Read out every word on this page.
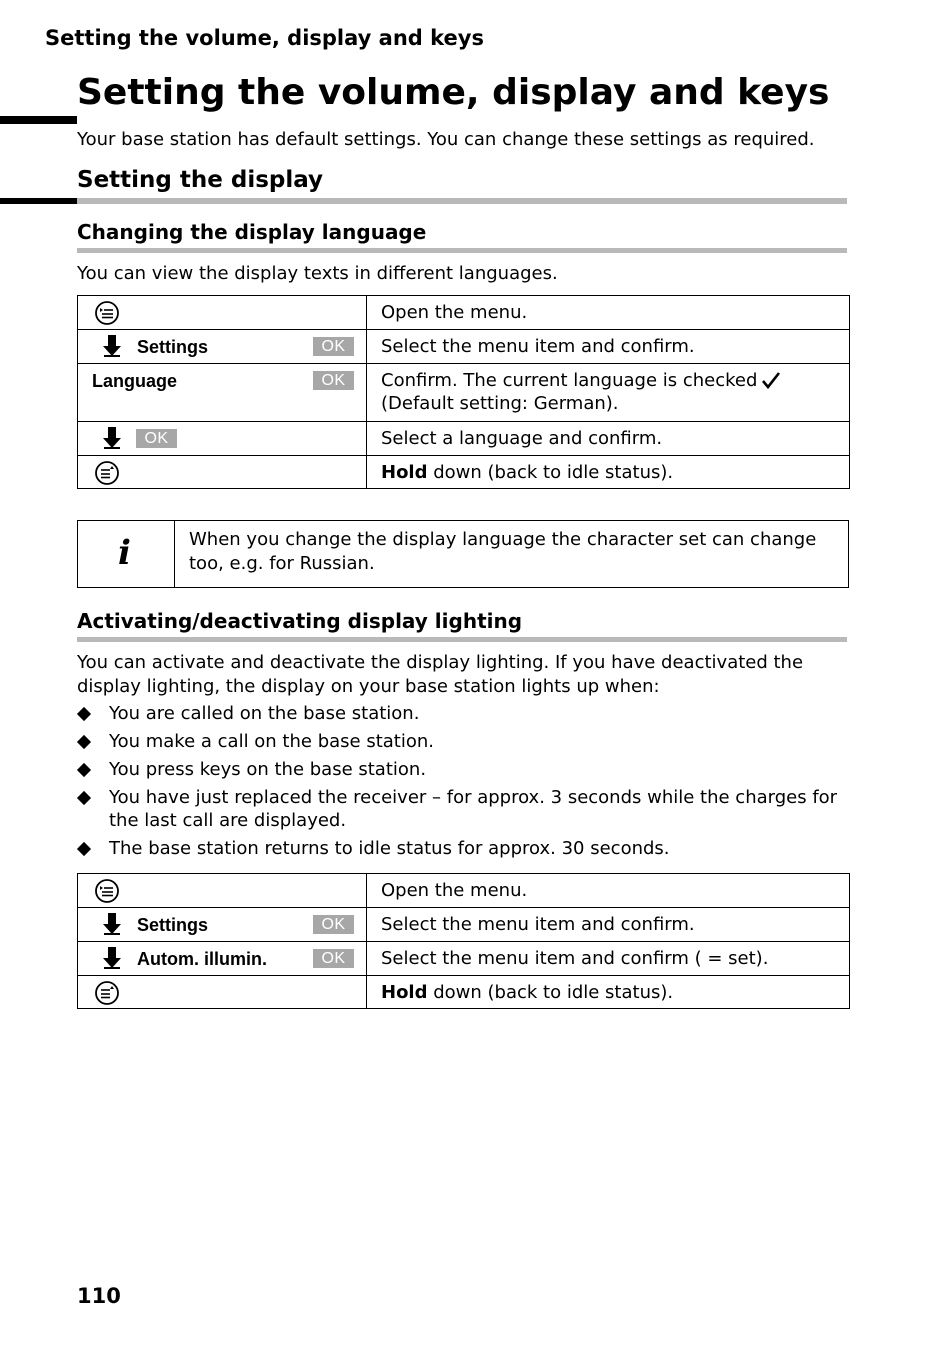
Setting the volume, display and keys
Setting the volume, display and keys
Your base station has default settings. You can change these settings as required.
Setting the display
Changing the display language
You can view the display texts in different languages.
	Open the menu.

Settings OK	Select the menu item and confirm.

Language OK	Confirm. The current language is checked
(Default setting: German).

OK	Select a language and confirm.

	Hold down (back to idle status).
i	When you change the display language the character set can change too, e.g. for Russian.
Activating/deactivating display lighting
You can activate and deactivate the display lighting. If you have deactivated the display lighting, the display on your base station lights up when:
You are called on the base station.
You make a call on the base station.
You press keys on the base station.
You have just replaced the receiver – for approx. 3 seconds while the charges for the last call are displayed.
The base station returns to idle status for approx. 30 seconds.
	Open the menu.

Settings OK	Select the menu item and confirm.

Autom. illumin. OK	Select the menu item and confirm ( = set).

	Hold down (back to idle status).
110
